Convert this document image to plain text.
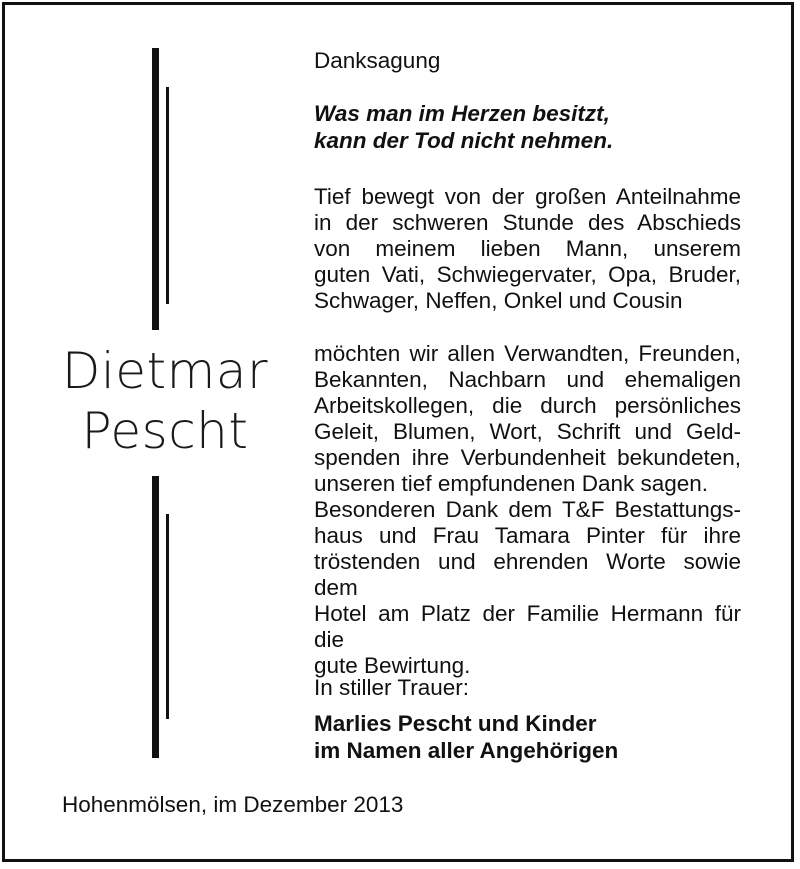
Dietmar
Pescht
Danksagung
Was man im Herzen besitzt,
kann der Tod nicht nehmen.
Tief bewegt von der großen Anteilnahme
in der schweren Stunde des Abschieds
von meinem lieben Mann, unserem
guten Vati, Schwiegervater, Opa, Bruder,
Schwager, Neffen, Onkel und Cousin
möchten wir allen Verwandten, Freunden,
Bekannten, Nachbarn und ehemaligen
Arbeitskollegen, die durch persönliches
Geleit, Blumen, Wort, Schrift und Geld-
spenden ihre Verbundenheit bekundeten,
unseren tief empfundenen Dank sagen.
Besonderen Dank dem T&F Bestattungs-
haus und Frau Tamara Pinter für ihre
tröstenden und ehrenden Worte sowie dem
Hotel am Platz der Familie Hermann für die
gute Bewirtung.
In stiller Trauer:
Marlies Pescht und Kinder
im Namen aller Angehörigen
Hohenmölsen, im Dezember 2013
